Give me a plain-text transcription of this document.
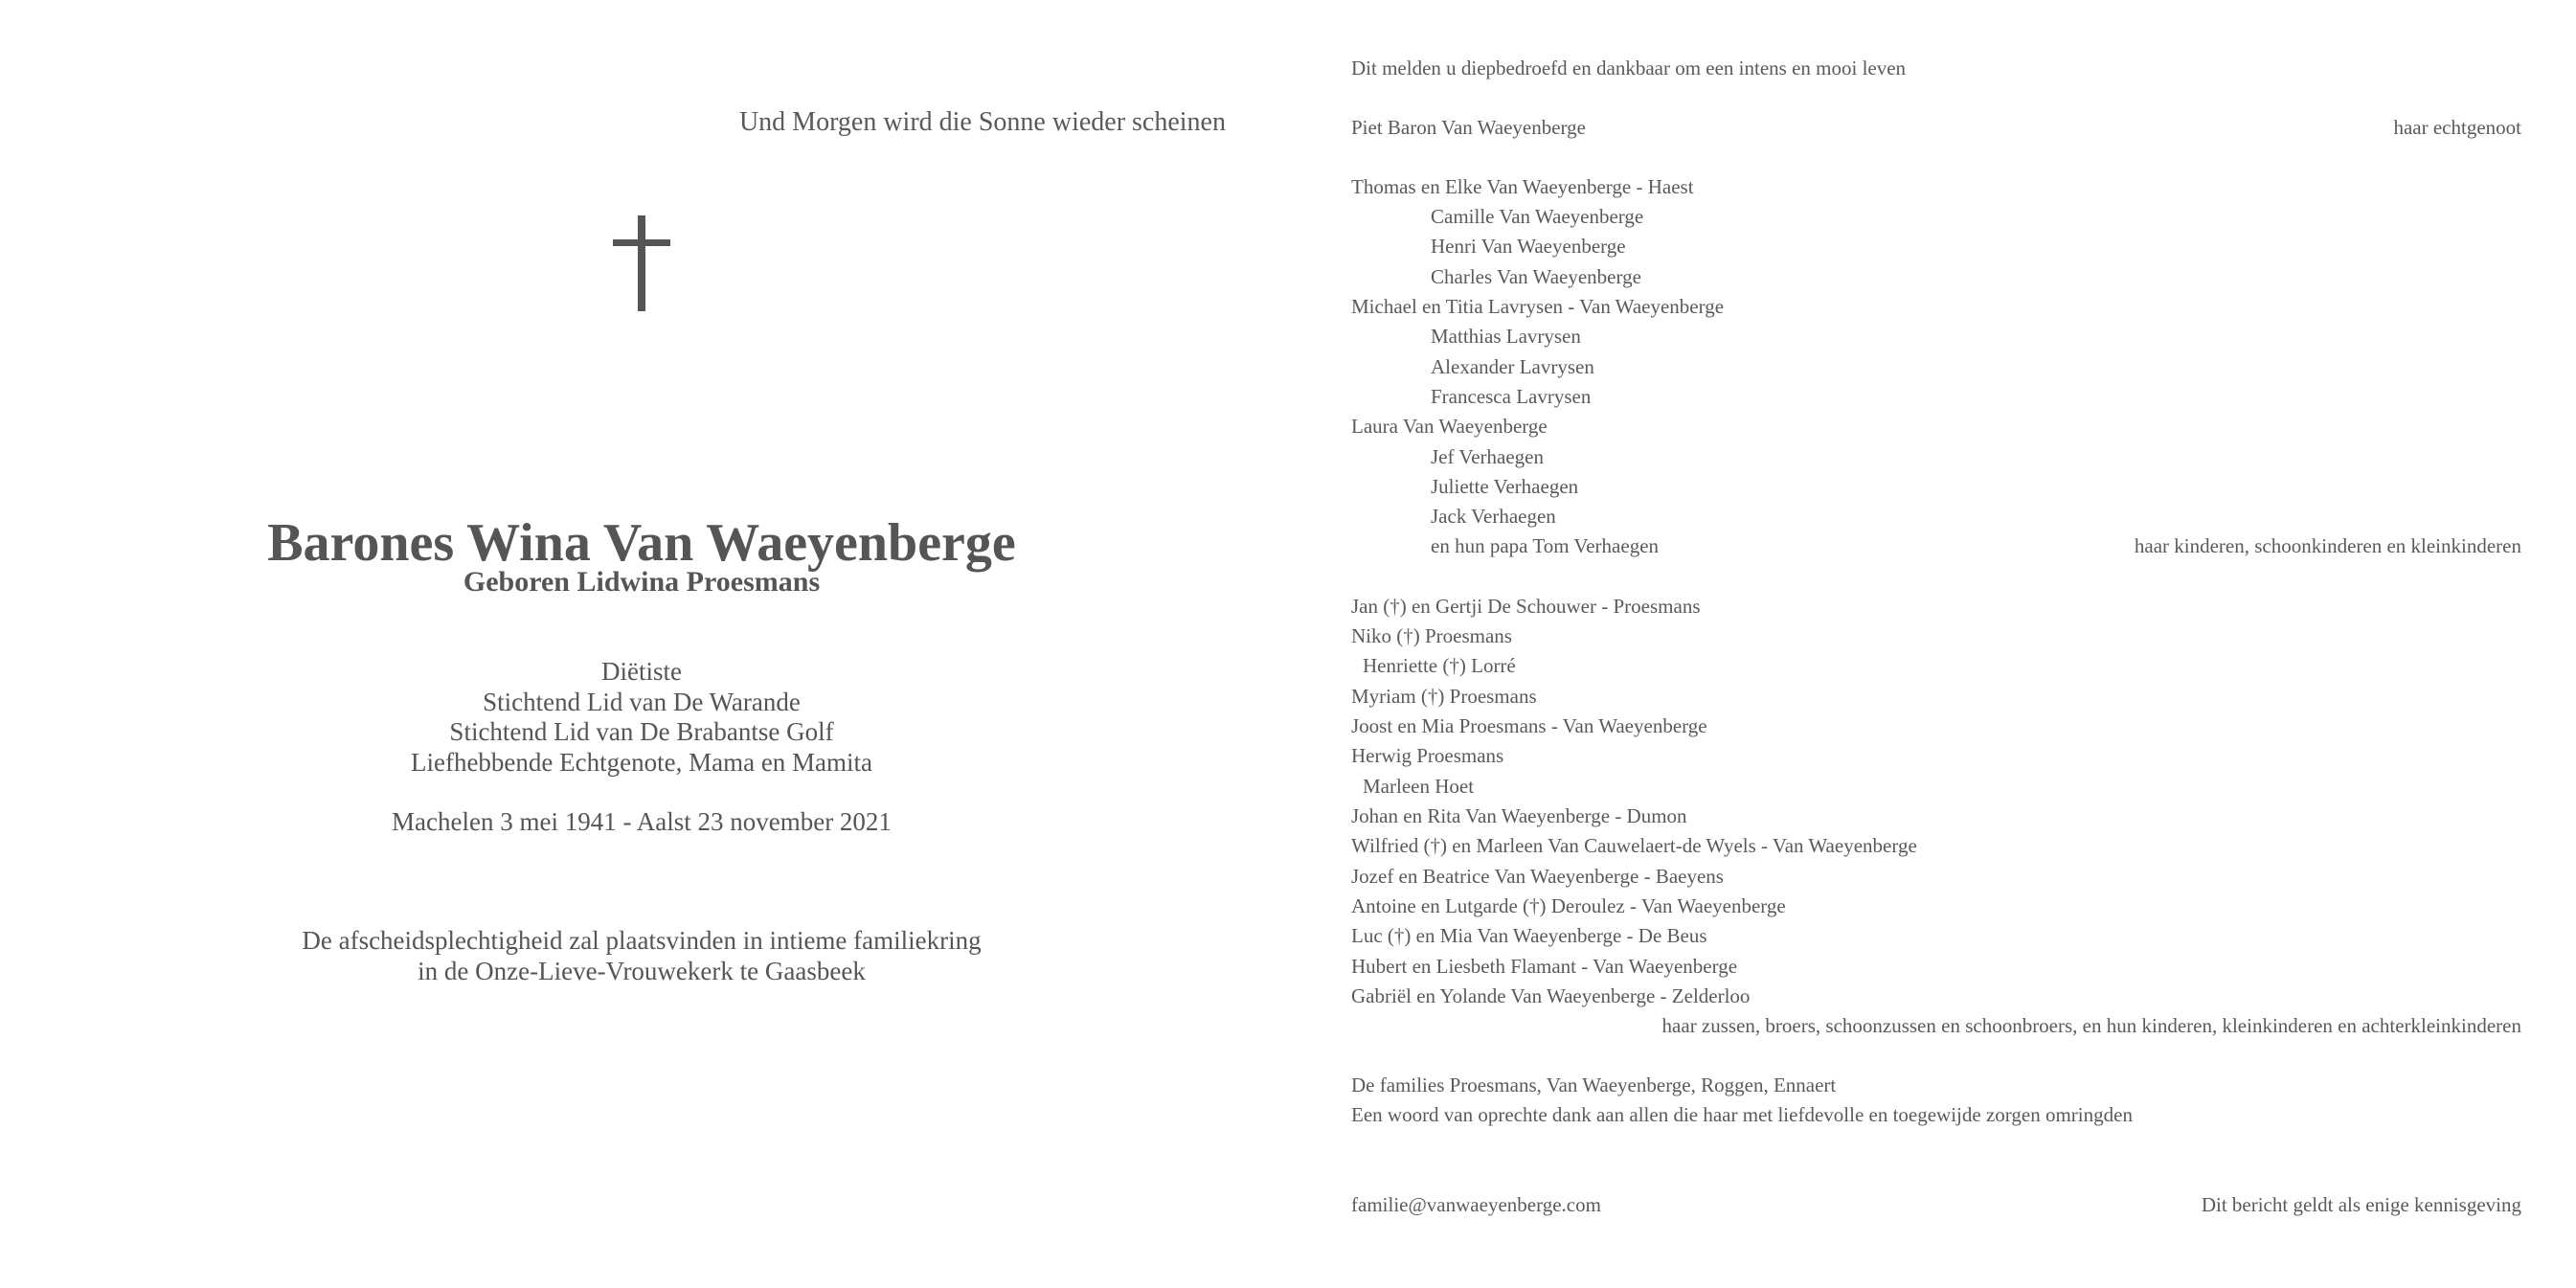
Und Morgen wird die Sonne wieder scheinen
Barones Wina Van Waeyenberge
Geboren Lidwina Proesmans
Diëtiste
Stichtend Lid van De Warande
Stichtend Lid van De Brabantse Golf
Liefhebbende Echtgenote, Mama en Mamita
Machelen 3 mei 1941 - Aalst 23 november 2021
De afscheidsplechtigheid zal plaatsvinden in intieme familiekring
in de Onze-Lieve-Vrouwekerk te Gaasbeek
Dit melden u diepbedroefd en dankbaar om een intens en mooi leven
Piet Baron Van Waeyenberge	haar echtgenoot
Thomas en Elke Van Waeyenberge - Haest
Camille Van Waeyenberge
Henri Van Waeyenberge
Charles Van Waeyenberge
Michael en Titia Lavrysen - Van Waeyenberge
Matthias Lavrysen
Alexander Lavrysen
Francesca Lavrysen
Laura Van Waeyenberge
Jef Verhaegen
Juliette Verhaegen
Jack Verhaegen
en hun papa Tom Verhaegen	haar kinderen, schoonkinderen en kleinkinderen
Jan (†) en Gertji De Schouwer - Proesmans
Niko (†) Proesmans
Henriette (†) Lorré
Myriam (†) Proesmans
Joost en Mia Proesmans - Van Waeyenberge
Herwig Proesmans
Marleen Hoet
Johan en Rita Van Waeyenberge - Dumon
Wilfried (†) en Marleen Van Cauwelaert-de Wyels - Van Waeyenberge
Jozef en Beatrice Van Waeyenberge - Baeyens
Antoine en Lutgarde (†) Deroulez - Van Waeyenberge
Luc (†) en Mia Van Waeyenberge - De Beus
Hubert en Liesbeth Flamant - Van Waeyenberge
Gabriël en Yolande Van Waeyenberge - Zelderloo
haar zussen, broers, schoonzussen en schoonbroers, en hun kinderen, kleinkinderen en achterkleinkinderen
De families Proesmans, Van Waeyenberge, Roggen, Ennaert
Een woord van oprechte dank aan allen die haar met liefdevolle en toegewijde zorgen omringden
familie@vanwaeyenberge.com	Dit bericht geldt als enige kennisgeving
